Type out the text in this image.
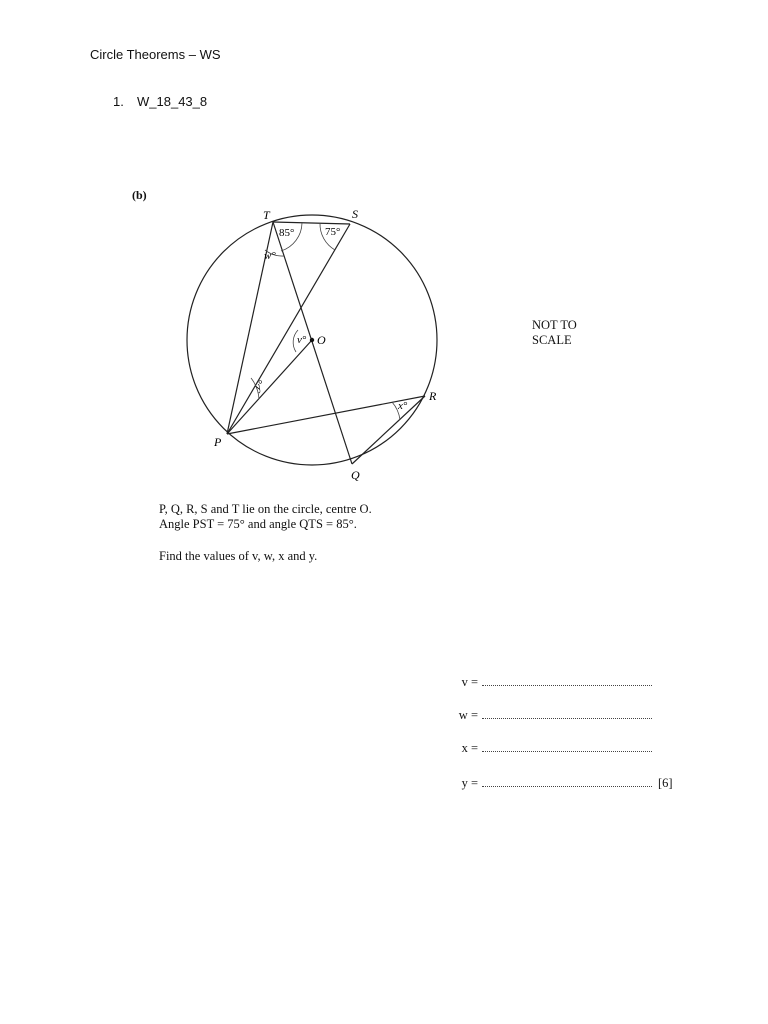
Circle Theorems – WS
1. W_18_43_8
(b)
T	S
O
R
P
Q
85°	75°
w°
v°
y°
x°
NOT TO
SCALE
P, Q, R, S and T lie on the circle, centre O.
Angle PST = 75° and angle QTS = 85°.
Find the values of v, w, x and y.
v =
w =
x =
y =	[6]
